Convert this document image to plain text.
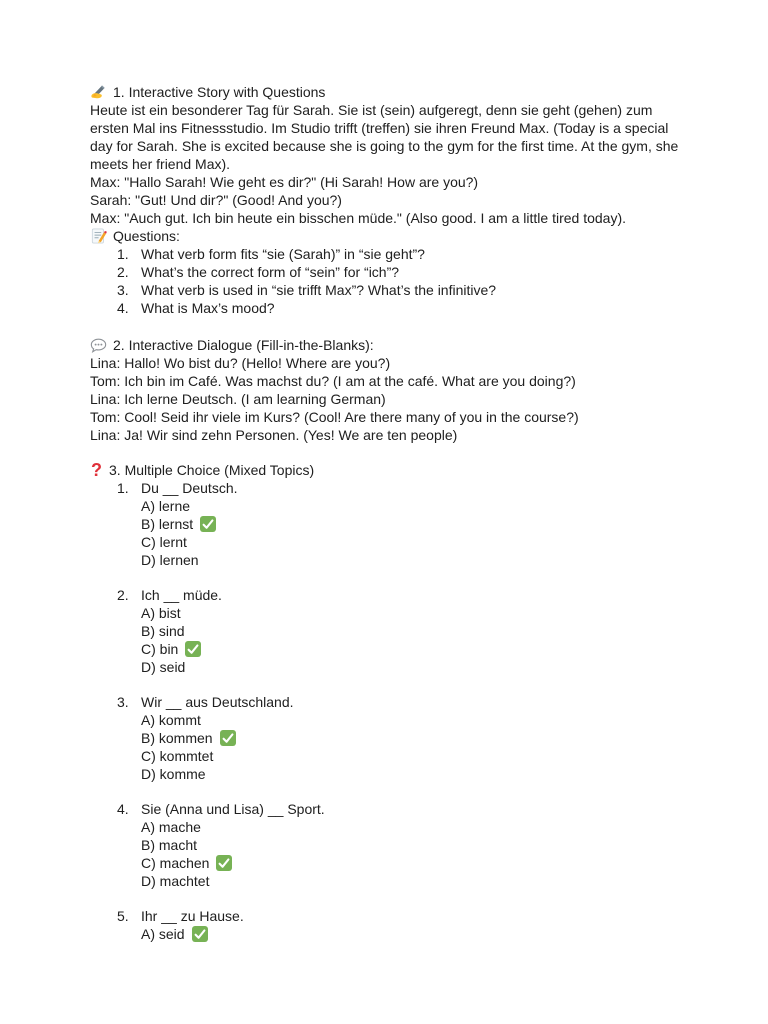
1. Interactive Story with Questions
Heute ist ein besonderer Tag für Sarah. Sie ist (sein) aufgeregt, denn sie geht (gehen) zum ersten Mal ins Fitnessstudio. Im Studio trifft (treffen) sie ihren Freund Max. (Today is a special day for Sarah. She is excited because she is going to the gym for the first time. At the gym, she meets her friend Max).
Max: "Hallo Sarah! Wie geht es dir?" (Hi Sarah! How are you?)
Sarah: "Gut! Und dir?" (Good! And you?)
Max: "Auch gut. Ich bin heute ein bisschen müde." (Also good. I am a little tired today).
Questions:
1. What verb form fits “sie (Sarah)” in “sie geht”?
2. What’s the correct form of “sein” for “ich”?
3. What verb is used in “sie trifft Max”? What’s the infinitive?
4. What is Max’s mood?
2. Interactive Dialogue (Fill-in-the-Blanks):
Lina: Hallo! Wo bist du? (Hello! Where are you?)
Tom: Ich bin im Café. Was machst du? (I am at the café. What are you doing?)
Lina: Ich lerne Deutsch. (I am learning German)
Tom: Cool! Seid ihr viele im Kurs? (Cool! Are there many of you in the course?)
Lina: Ja! Wir sind zehn Personen. (Yes! We are ten people)
? 3. Multiple Choice (Mixed Topics)
1. Du __ Deutsch.
A) lerne
B) lernst
C) lernt
D) lernen
2. Ich __ müde.
A) bist
B) sind
C) bin
D) seid
3. Wir __ aus Deutschland.
A) kommt
B) kommen
C) kommtet
D) komme
4. Sie (Anna und Lisa) __ Sport.
A) mache
B) macht
C) machen
D) machtet
5. Ihr __ zu Hause.
A) seid
